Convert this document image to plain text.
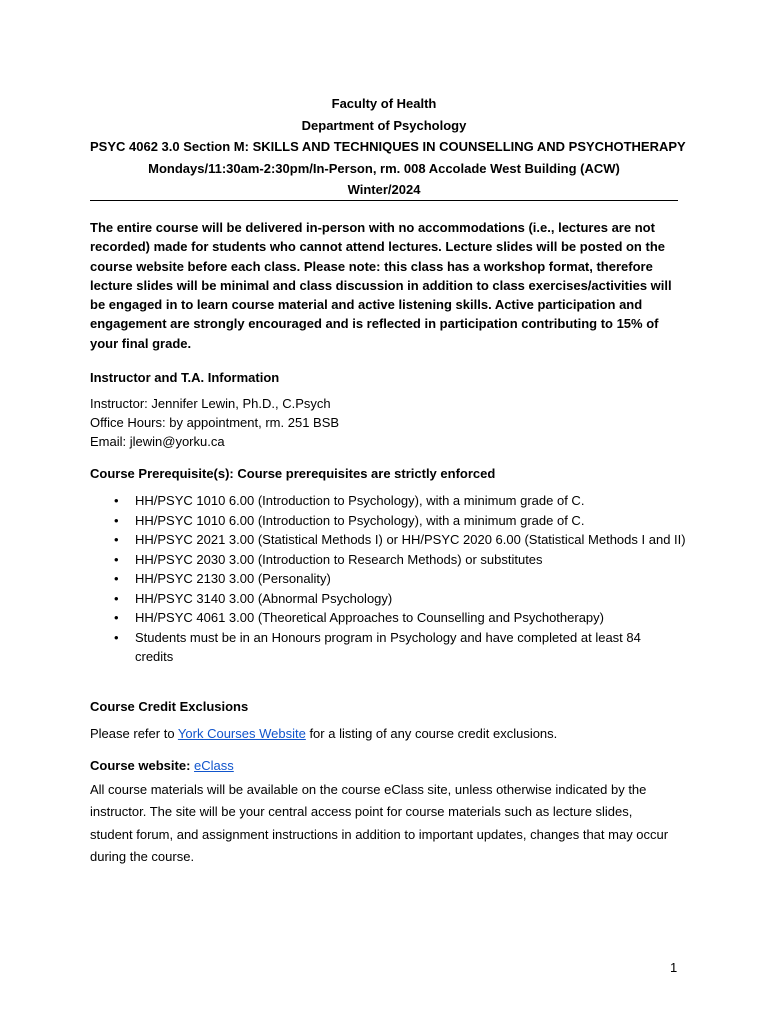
Faculty of Health
Department of Psychology
PSYC 4062 3.0 Section M: SKILLS AND TECHNIQUES IN COUNSELLING AND PSYCHOTHERAPY
Mondays/11:30am-2:30pm/In-Person, rm. 008 Accolade West Building (ACW)
Winter/2024
The entire course will be delivered in-person with no accommodations (i.e., lectures are not recorded) made for students who cannot attend lectures. Lecture slides will be posted on the course website before each class. Please note: this class has a workshop format, therefore lecture slides will be minimal and class discussion in addition to class exercises/activities will be engaged in to learn course material and active listening skills. Active participation and engagement are strongly encouraged and is reflected in participation contributing to 15% of your final grade.
Instructor and T.A. Information
Instructor: Jennifer Lewin, Ph.D., C.Psych
Office Hours: by appointment, rm. 251 BSB
Email: jlewin@yorku.ca
Course Prerequisite(s): Course prerequisites are strictly enforced
• HH/PSYC 1010 6.00 (Introduction to Psychology), with a minimum grade of C.
• HH/PSYC 1010 6.00 (Introduction to Psychology), with a minimum grade of C.
• HH/PSYC 2021 3.00 (Statistical Methods I) or HH/PSYC 2020 6.00 (Statistical Methods I and II)
• HH/PSYC 2030 3.00 (Introduction to Research Methods) or substitutes
• HH/PSYC 2130 3.00 (Personality)
• HH/PSYC 3140 3.00 (Abnormal Psychology)
• HH/PSYC 4061 3.00 (Theoretical Approaches to Counselling and Psychotherapy)
• Students must be in an Honours program in Psychology and have completed at least 84 credits
Course Credit Exclusions
Please refer to York Courses Website for a listing of any course credit exclusions.
Course website: eClass
All course materials will be available on the course eClass site, unless otherwise indicated by the instructor. The site will be your central access point for course materials such as lecture slides, student forum, and assignment instructions in addition to important updates, changes that may occur during the course.
1
